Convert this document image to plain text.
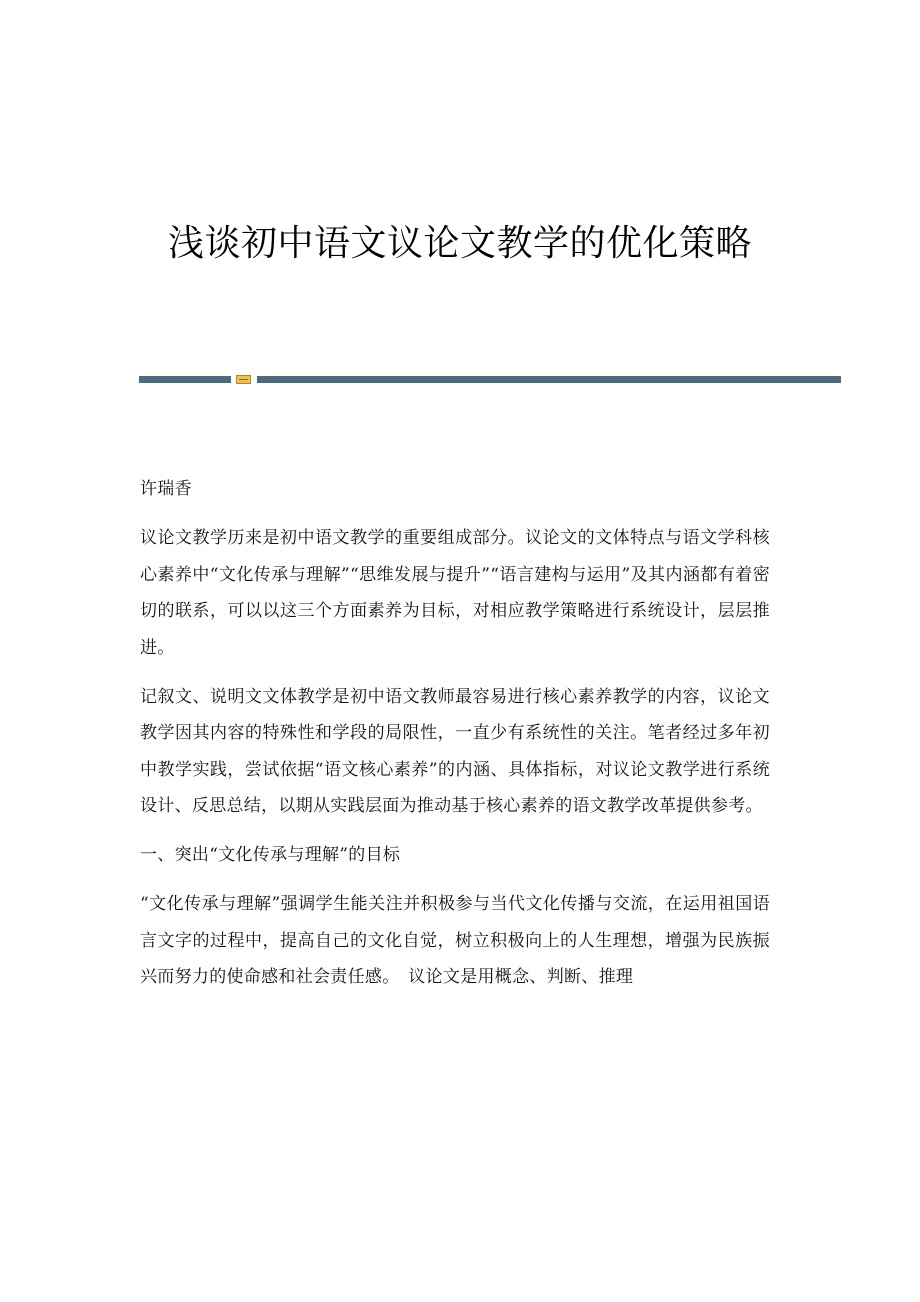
浅谈初中语文议论文教学的优化策略

许瑞香

议论文教学历来是初中语文教学的重要组成部分。议论文的文体特点与语文学科核心素养中“文化传承与理解”“思维发展与提升”“语言建构与运用”及其内涵都有着密切的联系，可以以这三个方面素养为目标，对相应教学策略进行系统设计，层层推进。

记叙文、说明文文体教学是初中语文教师最容易进行核心素养教学的内容，议论文教学因其内容的特殊性和学段的局限性，一直少有系统性的关注。笔者经过多年初中教学实践，尝试依据“语文核心素养”的内涵、具体指标，对议论文教学进行系统设计、反思总结，以期从实践层面为推动基于核心素养的语文教学改革提供参考。

一、突出“文化传承与理解”的目标

“文化传承与理解”强调学生能关注并积极参与当代文化传播与交流，在运用祖国语言文字的过程中，提高自己的文化自觉，树立积极向上的人生理想，增强为民族振兴而努力的使命感和社会责任感。　议论文是用概念、判断、推理
